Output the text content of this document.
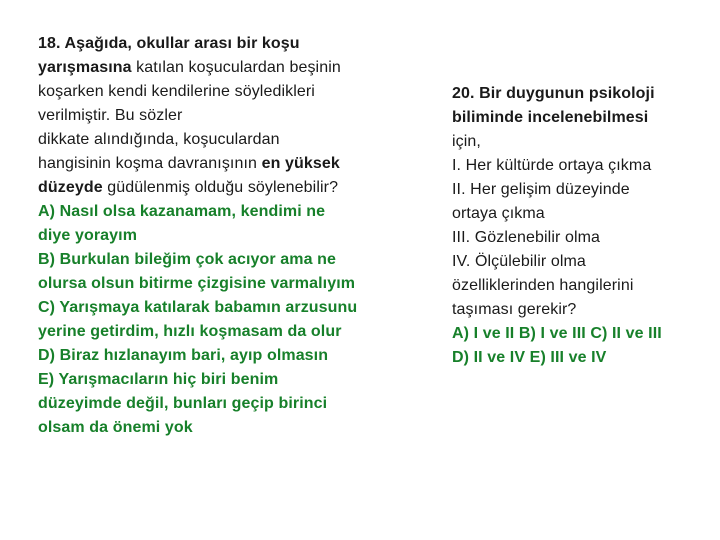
18. Aşağıda, okullar arası bir koşu
yarışmasına katılan koşuculardan beşinin
koşarken kendi kendilerine söyledikleri
verilmiştir. Bu sözler
dikkate alındığında, koşuculardan
hangisinin koşma davranışının en yüksek
düzeyde güdülenmiş olduğu söylenebilir?
A) Nasıl olsa kazanamam, kendimi ne
diye yorayım
B) Burkulan bileğim çok acıyor ama ne
olursa olsun bitirme çizgisine varmalıyım
C) Yarışmaya katılarak babamın arzusunu
yerine getirdim, hızlı koşmasam da olur
D) Biraz hızlanayım bari, ayıp olmasın
E) Yarışmacıların hiç biri benim
düzeyimde değil, bunları geçip birinci
olsam da önemi yok
20. Bir duygunun psikoloji
biliminde incelenebilmesi
için,
I. Her kültürde ortaya çıkma
II. Her gelişim düzeyinde
ortaya çıkma
III. Gözlenebilir olma
IV. Ölçülebilir olma
özelliklerinden hangilerini
taşıması gerekir?
A) I ve II B) I ve III C) II ve III
D) II ve IV E) III ve IV
